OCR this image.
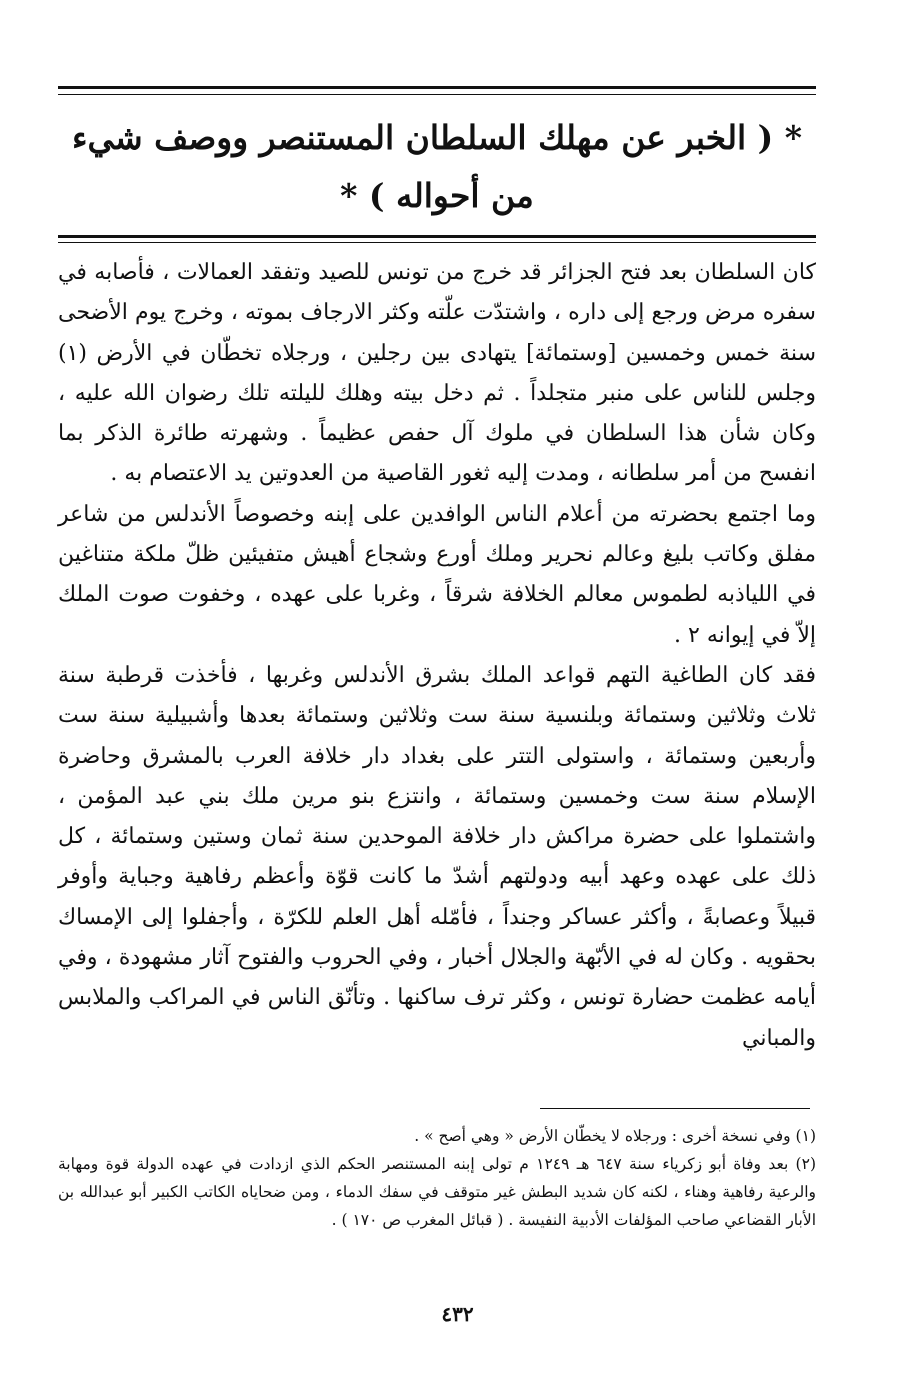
* ( الخبر عن مهلك السلطان المستنصر ووصف شيء من أحواله ) *

كان السلطان بعد فتح الجزائر قد خرج من تونس للصيد وتفقد العمالات ، فأصابه في سفره مرض ورجع إلى داره ، واشتدّت علّته وكثر الارجاف بموته ، وخرج يوم الأضحى سنة خمس وخمسين [وستمائة] يتهادى بين رجلين ، ورجلاه تخطّان في الأرض (١) وجلس للناس على منبر متجلداً . ثم دخل بيته وهلك لليلته تلك رضوان الله عليه ، وكان شأن هذا السلطان في ملوك آل حفص عظيماً . وشهرته طائرة الذكر بما انفسح من أمر سلطانه ، ومدت إليه ثغور القاصية من العدوتين يد الاعتصام به .

وما اجتمع بحضرته من أعلام الناس الوافدين على إبنه وخصوصاً الأندلس من شاعر مفلق وكاتب بليغ وعالم نحرير وملك أورع وشجاع أهيش متفيئين ظلّ ملكة متناغين في اللياذبه لطموس معالم الخلافة شرقاً ، وغربا على عهده ، وخفوت صوت الملك إلاّ في إيوانه ٢ .

فقد كان الطاغية التهم قواعد الملك بشرق الأندلس وغربها ، فأخذت قرطبة سنة ثلاث وثلاثين وستمائة وبلنسية سنة ست وثلاثين وستمائة بعدها وأشبيلية سنة ست وأربعين وستمائة ، واستولى التتر على بغداد دار خلافة العرب بالمشرق وحاضرة الإسلام سنة ست وخمسين وستمائة ، وانتزع بنو مرين ملك بني عبد المؤمن ، واشتملوا على حضرة مراكش دار خلافة الموحدين سنة ثمان وستين وستمائة ، كل ذلك على عهده وعهد أبيه ودولتهم أشدّ ما كانت قوّة وأعظم رفاهية وجباية وأوفر قبيلاً وعصابةً ، وأكثر عساكر وجنداً ، فأمّله أهل العلم للكرّة ، وأجفلوا إلى الإمساك بحقويه . وكان له في الأبّهة والجلال أخبار ، وفي الحروب والفتوح آثار مشهودة ، وفي أيامه عظمت حضارة تونس ، وكثر ترف ساكنها . وتأنّق الناس في المراكب والملابس والمباني

(١) وفي نسخة أخرى : ورجلاه لا يخطّان الأرض « وهي أصح » .

(٢) بعد وفاة أبو زكرياء سنة ٦٤٧ هـ ١٢٤٩ م تولى إبنه المستنصر الحكم الذي ازدادت في عهده الدولة قوة ومهابة والرعية رفاهية وهناء ، لكنه كان شديد البطش غير متوقف في سفك الدماء ، ومن ضحاياه الكاتب الكبير أبو عبدالله بن الأبار القضاعي صاحب المؤلفات الأدبية النفيسة . ( قبائل المغرب ص ١٧٠ ) .

٤٣٢
